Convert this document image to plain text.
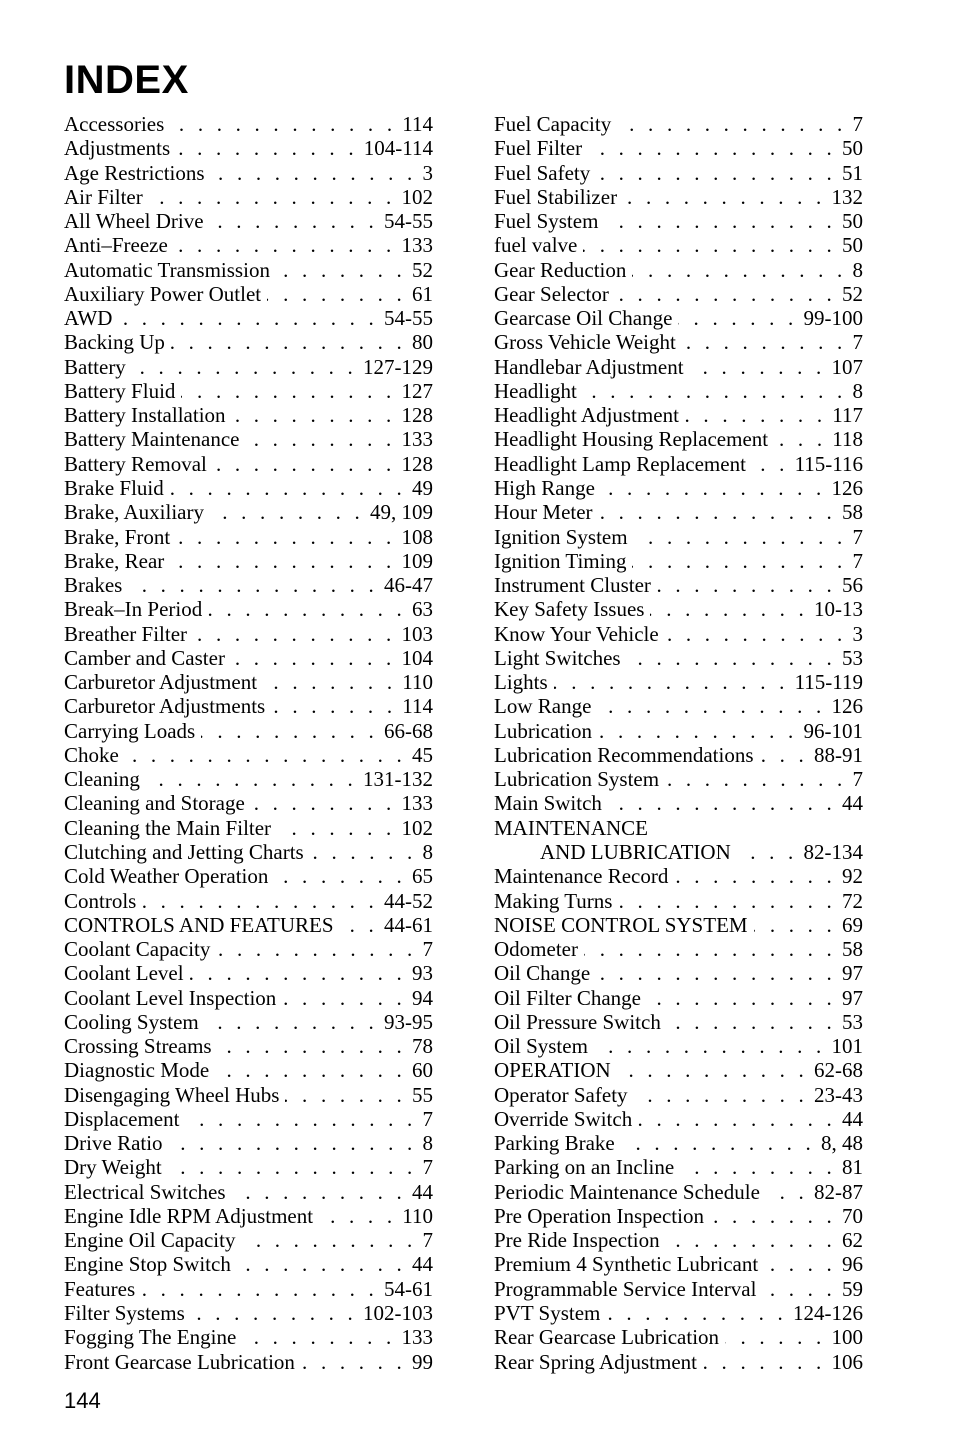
INDEX
Accessories . . .	114
Adjustments . . .	104-114
Age Restrictions . . .	3
Air Filter . . .	102
All Wheel Drive . . .	54-55
Anti–Freeze . . .	133
Automatic Transmission . . .	52
Auxiliary Power Outlet . . .	61
AWD . . .	54-55
Backing Up . . .	80
Battery . . .	127-129
Battery Fluid . . .	127
Battery Installation . . .	128
Battery Maintenance . . .	133
Battery Removal . . .	128
Brake Fluid . . .	49
Brake, Auxiliary . . .	49, 109
Brake, Front . . .	108
Brake, Rear . . .	109
Brakes . . .	46-47
Break–In Period . . .	63
Breather Filter . . .	103
Camber and Caster . . .	104
Carburetor Adjustment . . .	110
Carburetor Adjustments . . .	114
Carrying Loads . . .	66-68
Choke . . .	45
Cleaning . . .	131-132
Cleaning and Storage . . .	133
Cleaning the Main Filter . . .	102
Clutching and Jetting Charts . . .	8
Cold Weather Operation . . .	65
Controls . . .	44-52
CONTROLS AND FEATURES . . . 44-61
Coolant Capacity . . .	7
Coolant Level . . .	93
Coolant Level Inspection . . .	94
Cooling System . . .	93-95
Crossing Streams . . .	78
Diagnostic Mode . . .	60
Disengaging Wheel Hubs . . .	55
Displacement . . .	7
Drive Ratio . . .	8
Dry Weight . . .	7
Electrical Switches . . .	44
Engine Idle RPM Adjustment . . .	110
Engine Oil Capacity . . .	7
Engine Stop Switch . . .	44
Features . . .	54-61
Filter Systems . . .	102-103
Fogging The Engine . . .	133
Front Gearcase Lubrication . . .	99
Fuel Capacity . . .	7
Fuel Filter . . .	50
Fuel Safety . . .	51
Fuel Stabilizer . . .	132
Fuel System . . .	50
fuel valve . . .	50
Gear Reduction . . .	8
Gear Selector . . .	52
Gearcase Oil Change . . .	99-100
Gross Vehicle Weight . . .	7
Handlebar Adjustment . . .	107
Headlight . . .	8
Headlight Adjustment . . .	117
Headlight Housing Replacement . . .	118
Headlight Lamp Replacement . . . 115-116
High Range . . .	126
Hour Meter . . .	58
Ignition System . . .	7
Ignition Timing . . .	7
Instrument Cluster . . .	56
Key Safety Issues . . .	10-13
Know Your Vehicle . . .	3
Light Switches . . .	53
Lights . . .	115-119
Low Range . . .	126
Lubrication . . .	96-101
Lubrication Recommendations . . .	88-91
Lubrication System . . .	7
Main Switch . . .	44
MAINTENANCE
AND LUBRICATION . . .	82-134
Maintenance Record . . .	92
Making Turns . . .	72
NOISE CONTROL SYSTEM . . .	69
Odometer . . .	58
Oil Change . . .	97
Oil Filter Change . . .	97
Oil Pressure Switch . . .	53
Oil System . . .	101
OPERATION . . .	62-68
Operator Safety . . .	23-43
Override Switch . . .	44
Parking Brake . . .	8, 48
Parking on an Incline . . .	81
Periodic Maintenance Schedule . . .	82-87
Pre Operation Inspection . . .	70
Pre Ride Inspection . . .	62
Premium 4 Synthetic Lubricant . . .	96
Programmable Service Interval . . .	59
PVT System . . .	124-126
Rear Gearcase Lubrication . . .	100
Rear Spring Adjustment . . .	106
144
